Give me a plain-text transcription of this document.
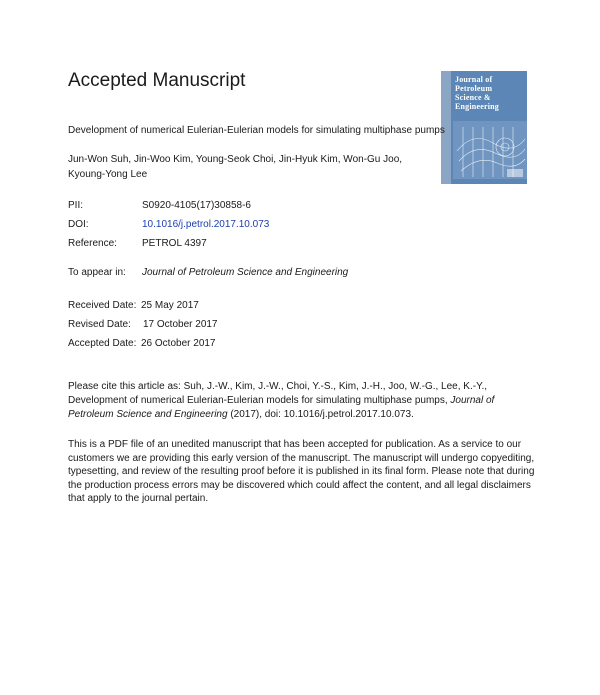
Accepted Manuscript	Journal of
Petroleum
Science &
Engineering
Development of numerical Eulerian-Eulerian models for simulating multiphase pumps
Jun-Won Suh, Jin-Woo Kim, Young-Seok Choi, Jin-Hyuk Kim, Won-Gu Joo, Kyoung-Yong Lee
PII:	S0920-4105(17)30858-6
DOI:	10.1016/j.petrol.2017.10.073
Reference:	PETROL 4397
To appear in: Journal of Petroleum Science and Engineering
Received Date: 25 May 2017
Revised Date: 17 October 2017
Accepted Date: 26 October 2017
Please cite this article as: Suh, J.-W., Kim, J.-W., Choi, Y.-S., Kim, J.-H., Joo, W.-G., Lee, K.-Y., Development of numerical Eulerian-Eulerian models for simulating multiphase pumps, Journal of Petroleum Science and Engineering (2017), doi: 10.1016/j.petrol.2017.10.073.
This is a PDF file of an unedited manuscript that has been accepted for publication. As a service to our customers we are providing this early version of the manuscript. The manuscript will undergo copyediting, typesetting, and review of the resulting proof before it is published in its final form. Please note that during the production process errors may be discovered which could affect the content, and all legal disclaimers that apply to the journal pertain.
